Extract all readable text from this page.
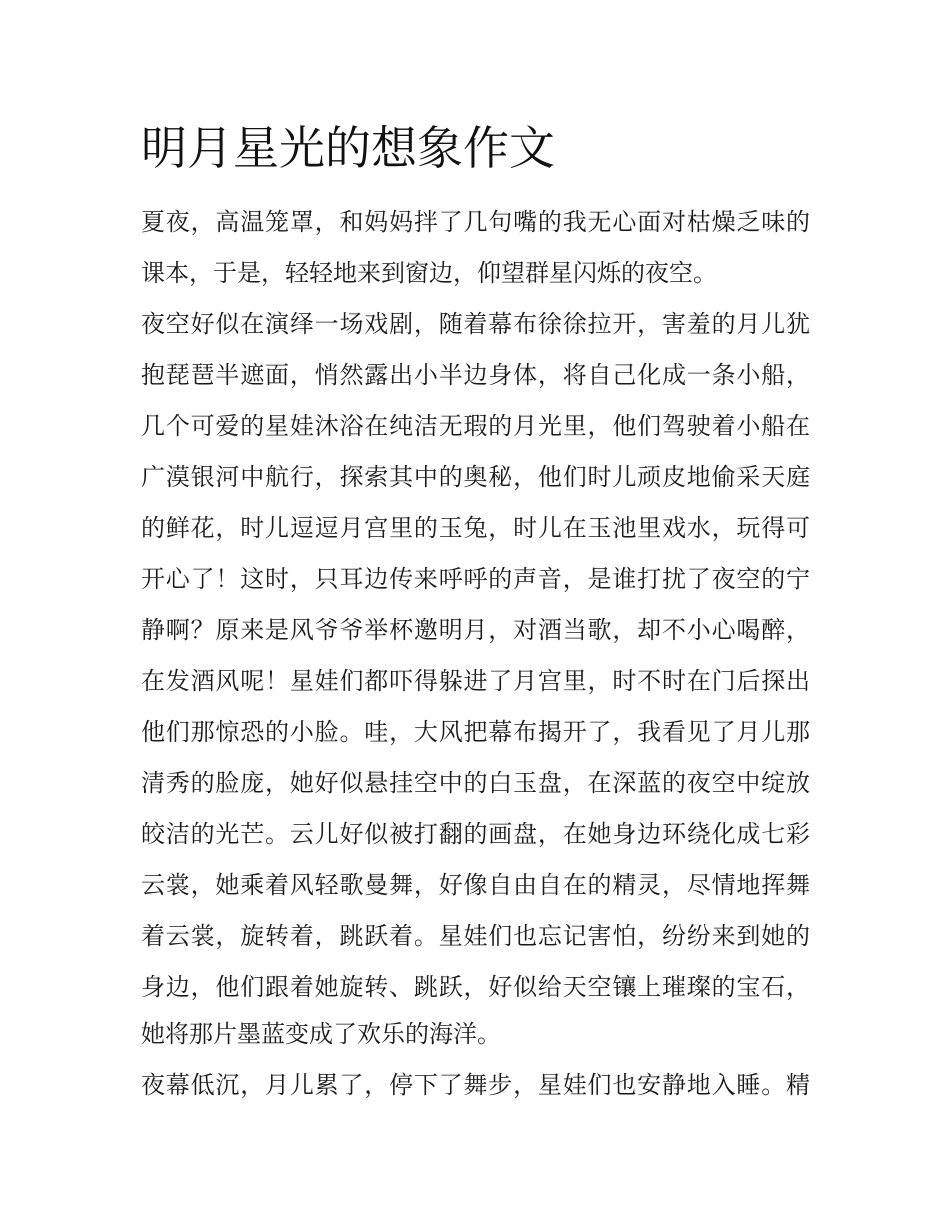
明月星光的想象作文

夏夜，高温笼罩，和妈妈拌了几句嘴的我无心面对枯燥乏味的

课本，于是，轻轻地来到窗边，仰望群星闪烁的夜空。

夜空好似在演绎一场戏剧，随着幕布徐徐拉开，害羞的月儿犹

抱琵琶半遮面，悄然露出小半边身体，将自己化成一条小船，

几个可爱的星娃沐浴在纯洁无瑕的月光里，他们驾驶着小船在

广漠银河中航行，探索其中的奥秘，他们时儿顽皮地偷采天庭

的鲜花，时儿逗逗月宫里的玉兔，时儿在玉池里戏水，玩得可

开心了！这时，只耳边传来呼呼的声音，是谁打扰了夜空的宁

静啊？原来是风爷爷举杯邀明月，对酒当歌，却不小心喝醉，

在发酒风呢！星娃们都吓得躲进了月宫里，时不时在门后探出

他们那惊恐的小脸。哇，大风把幕布揭开了，我看见了月儿那

清秀的脸庞，她好似悬挂空中的白玉盘，在深蓝的夜空中绽放

皎洁的光芒。云儿好似被打翻的画盘，在她身边环绕化成七彩

云裳，她乘着风轻歌曼舞，好像自由自在的精灵，尽情地挥舞

着云裳，旋转着，跳跃着。星娃们也忘记害怕，纷纷来到她的

身边，他们跟着她旋转、跳跃，好似给天空镶上璀璨的宝石，

她将那片墨蓝变成了欢乐的海洋。

夜幕低沉，月儿累了，停下了舞步，星娃们也安静地入睡。精
